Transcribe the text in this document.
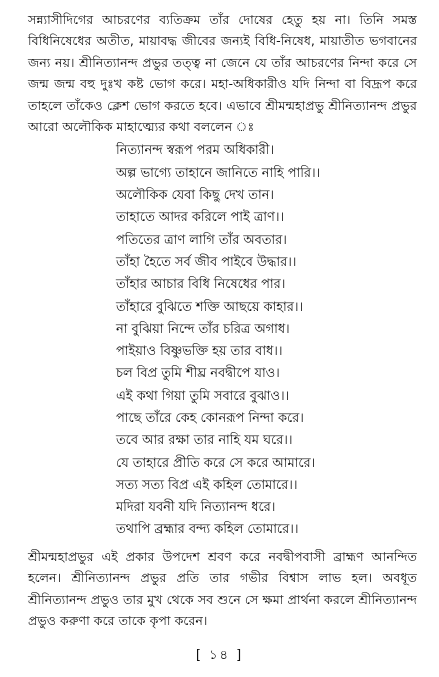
সন্ন্যাসীদিগের আচরণের ব্যতিক্রম তাঁর দোষের হেতু হয় না। তিনি সমস্ত বিধিনিষেধের অতীত, মায়াবদ্ধ জীবের জন্যই বিধি-নিষেধ, মায়াতীত ভগবানের জন্য নয়। শ্রীনিত্যানন্দ প্রভুর তত্ত্ব না জেনে যে তাঁর আচরণের নিন্দা করে সে জন্ম জন্ম বহু দুঃখ কষ্ট ভোগ করে। মহা-অধিকারীও যদি নিন্দা বা বিদ্রূপ করে তাহলে তাঁকেও ক্লেশ ভোগ করতে হবে। এভাবে শ্রীমন্মহাপ্রভু শ্রীনিত্যানন্দ প্রভুর আরো অলৌকিক মাহাত্ম্যের কথা বললেন ঃ

নিত্যানন্দ স্বরূপ পরম অধিকারী।

অল্প ভাগ্যে তাহানে জানিতে নাহি পারি।।

অলৌকিক যেবা কিছু দেখ তান।

তাহাতে আদর করিলে পাই ত্রাণ।।

পতিতের ত্রাণ লাগি তাঁর অবতার।

তাঁহা হৈতে সর্ব জীব পাইবে উদ্ধার।।

তাঁহার আচার বিধি নিষেধের পার।

তাঁহারে বুঝিতে শক্তি আছয়ে কাহার।।

না বুঝিয়া নিন্দে তাঁর চরিত্র অগাধ।

পাইয়াও বিষ্ণুভক্তি হয় তার বাধ।।

চল বিপ্র তুমি শীঘ্র নবদ্বীপে যাও।

এই কথা গিয়া তুমি সবারে বুঝাও।।

পাছে তাঁরে কেহ কোনরূপ নিন্দা করে।

তবে আর রক্ষা তার নাহি যম ঘরে।।

যে তাহারে প্রীতি করে সে করে আমারে।

সত্য সত্য বিপ্র এই কহিল তোমারে।।

মদিরা যবনী যদি নিত্যানন্দ ধরে।

তথাপি ব্রহ্মার বন্দ্য কহিল তোমারে।।

শ্রীমন্মহাপ্রভুর এই প্রকার উপদেশ শ্রবণ করে নবদ্বীপবাসী ব্রাহ্মণ আনন্দিত হলেন। শ্রীনিত্যানন্দ প্রভুর প্রতি তার গভীর বিশ্বাস লাভ হল। অবধূত শ্রীনিত্যানন্দ প্রভুও তার মুখ থেকে সব শুনে সে ক্ষমা প্রার্থনা করলে শ্রীনিত্যানন্দ প্রভুও করুণা করে তাকে কৃপা করেন।

[ ১৪ ]
